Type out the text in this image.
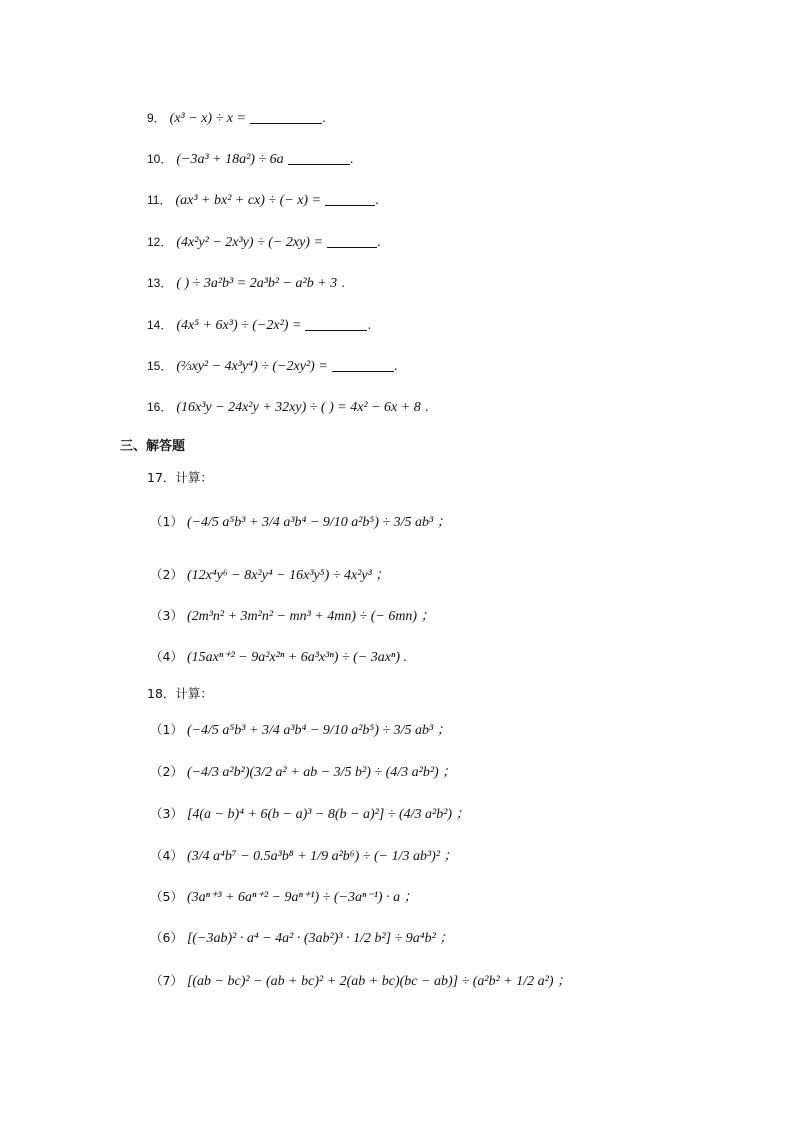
9． (x³ − x) ÷ x =	.
10． (−3a³ + 18a²) ÷ 6a	.
11． (ax³ + bx² + cx) ÷ (− x) =	.
12． (4x²y² − 2x³y) ÷ (− 2xy) =	.
13． ( ) ÷ 3a²b³ = 2a³b² − a²b + 3 .
14． (4x⁵ + 6x³) ÷ (−2x²) =	.
15． (⅔xy² − 4x³y⁴) ÷ (−2xy²) =	.
16． (16x³y − 24x²y + 32xy) ÷ ( ) = 4x² − 6x + 8 .
三、解答题
17．计算：
（1） (−4/5 a⁵b³ + 3/4 a³b⁴ − 9/10 a²b⁵) ÷ 3/5 ab³ ；
（2） (12x⁴y⁶ − 8x²y⁴ − 16x³y⁵) ÷ 4x²y³ ；
（3） (2m³n² + 3m²n² − mn³ + 4mn) ÷ (− 6mn) ；
（4） (15axⁿ⁺² − 9a²x²ⁿ + 6a³x³ⁿ) ÷ (− 3axⁿ) .
18．计算：
（1） (−4/5 a⁵b³ + 3/4 a³b⁴ − 9/10 a²b⁵) ÷ 3/5 ab³ ；
（2） (−4/3 a²b²)(3/2 a² + ab − 3/5 b²) ÷ (4/3 a²b²) ；
（3） [4(a − b)⁴ + 6(b − a)³ − 8(b − a)²] ÷ (4/3 a²b²) ；
（4） (3/4 a⁴b⁷ − 0.5a³b⁸ + 1/9 a²b⁶) ÷ (− 1/3 ab³)² ；
（5） (3aⁿ⁺³ + 6aⁿ⁺² − 9aⁿ⁺¹) ÷ (−3aⁿ⁻¹) · a ；
（6） [(−3ab)² · a⁴ − 4a² · (3ab²)³ · 1/2 b²] ÷ 9a⁴b² ；
（7） [(ab − bc)² − (ab + bc)² + 2(ab + bc)(bc − ab)] ÷ (a²b² + 1/2 a²) ；
